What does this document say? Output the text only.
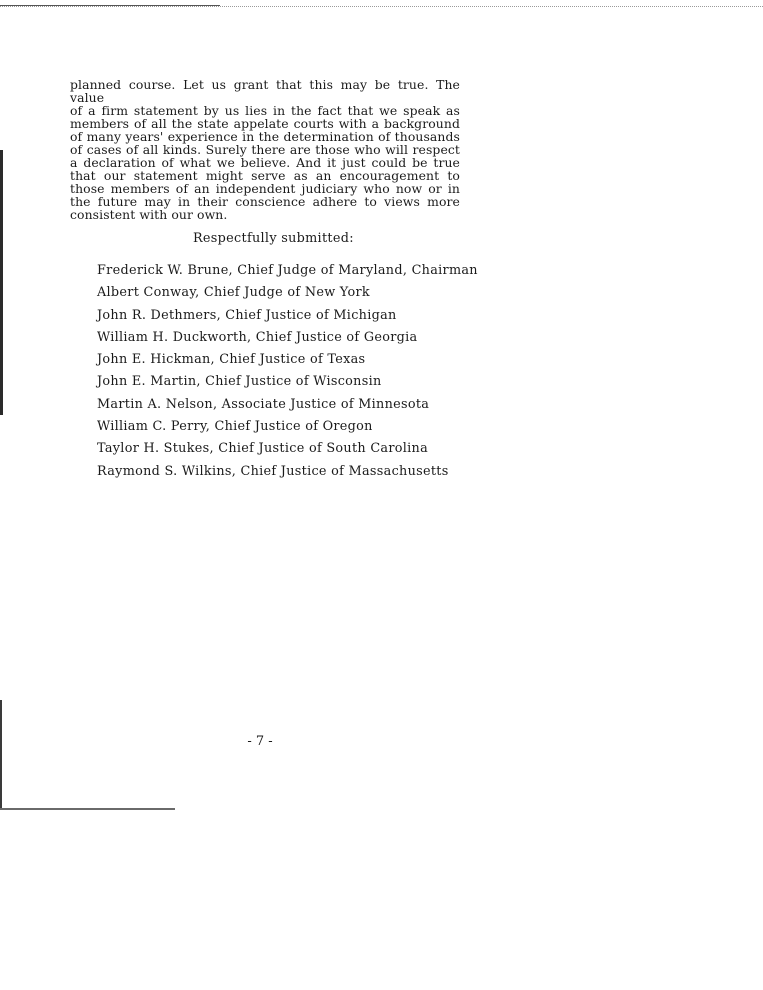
planned course. Let us grant that this may be true. The value
of a firm statement by us lies in the fact that we speak as
members of all the state appelate courts with a background
of many years' experience in the determination of thousands
of cases of all kinds. Surely there are those who will respect
a declaration of what we believe. And it just could be true
that our statement might serve as an encouragement to
those members of an independent judiciary who now or in
the future may in their conscience adhere to views more
consistent with our own.

Respectfully submitted:

Frederick W. Brune, Chief Judge of Maryland, Chairman
Albert Conway, Chief Judge of New York
John R. Dethmers, Chief Justice of Michigan
William H. Duckworth, Chief Justice of Georgia
John E. Hickman, Chief Justice of Texas
John E. Martin, Chief Justice of Wisconsin
Martin A. Nelson, Associate Justice of Minnesota
William C. Perry, Chief Justice of Oregon
Taylor H. Stukes, Chief Justice of South Carolina
Raymond S. Wilkins, Chief Justice of Massachusetts

- 7 -
